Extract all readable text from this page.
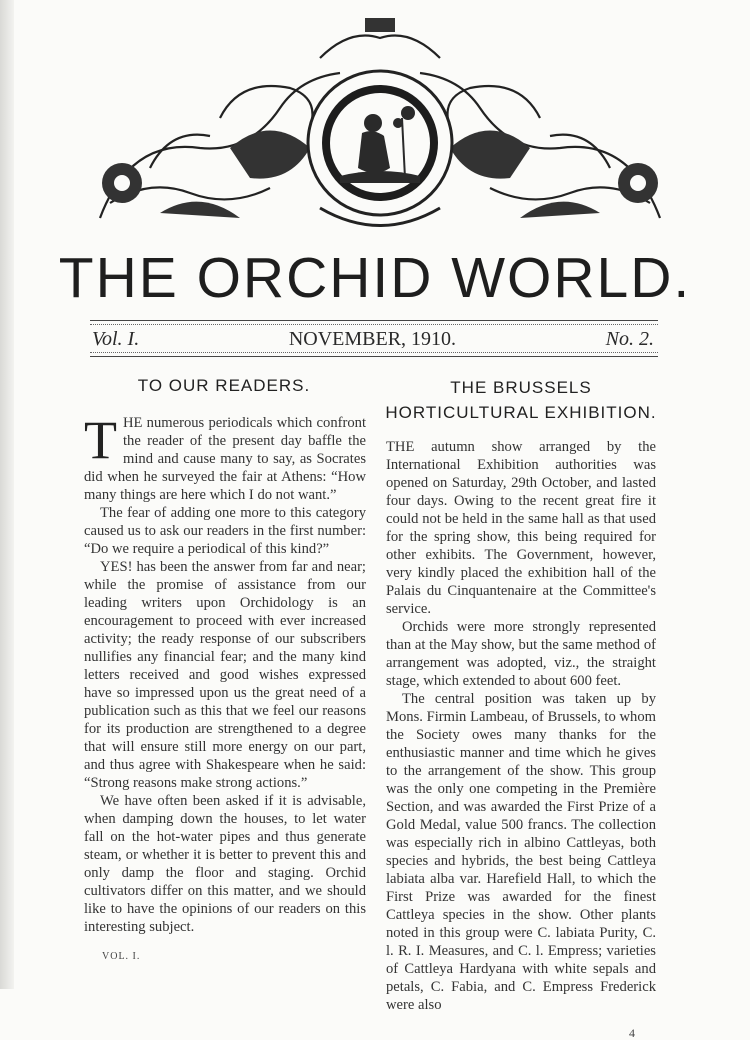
THE ORCHID WORLD.
Vol. I.	NOVEMBER, 1910.	No. 2.
TO OUR READERS.

THE numerous periodicals which confront the reader of the present day baffle the mind and cause many to say, as Socrates did when he surveyed the fair at Athens: “How many things are here which I do not want.”

The fear of adding one more to this category caused us to ask our readers in the first number: “Do we require a periodical of this kind?”

YES! has been the answer from far and near; while the promise of assistance from our leading writers upon Orchidology is an encouragement to proceed with ever increased activity; the ready response of our subscribers nullifies any financial fear; and the many kind letters received and good wishes expressed have so impressed upon us the great need of a publication such as this that we feel our reasons for its production are strengthened to a degree that will ensure still more energy on our part, and thus agree with Shakespeare when he said: “Strong reasons make strong actions.”

We have often been asked if it is advisable, when damping down the houses, to let water fall on the hot-water pipes and thus generate steam, or whether it is better to prevent this and only damp the floor and staging. Orchid cultivators differ on this matter, and we should like to have the opinions of our readers on this interesting subject.

VOL. I.
THE BRUSSELS
HORTICULTURAL EXHIBITION.

THE autumn show arranged by the International Exhibition authorities was opened on Saturday, 29th October, and lasted four days. Owing to the recent great fire it could not be held in the same hall as that used for the spring show, this being required for other exhibits. The Government, however, very kindly placed the exhibition hall of the Palais du Cinquantenaire at the Committee's service.

Orchids were more strongly represented than at the May show, but the same method of arrangement was adopted, viz., the straight stage, which extended to about 600 feet.

The central position was taken up by Mons. Firmin Lambeau, of Brussels, to whom the Society owes many thanks for the enthusiastic manner and time which he gives to the arrangement of the show. This group was the only one competing in the Première Section, and was awarded the First Prize of a Gold Medal, value 500 francs. The collection was especially rich in albino Cattleyas, both species and hybrids, the best being Cattleya labiata alba var. Harefield Hall, to which the First Prize was awarded for the finest Cattleya species in the show. Other plants noted in this group were C. labiata Purity, C. l. R. I. Measures, and C. l. Empress; varieties of Cattleya Hardyana with white sepals and petals, C. Fabia, and C. Empress Frederick were also

4
